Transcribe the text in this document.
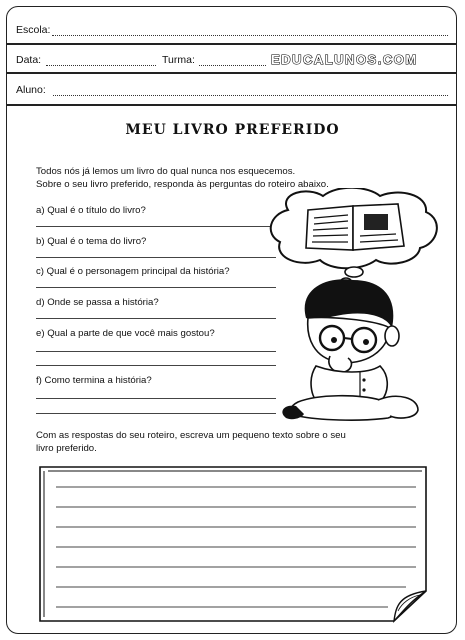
Escola:
Data:	Turma:	EDUCALUNOS.COM
Aluno:
MEU LIVRO PREFERIDO
Todos nós já lemos um livro do qual nunca nos esquecemos.
Sobre o seu livro preferido, responda às perguntas do roteiro abaixo.
a) Qual é o título do livro?
b) Qual é o tema do livro?
c) Qual é o personagem principal da história?
d) Onde se passa a história?
e) Qual a parte de que você mais gostou?
f) Como termina a história?
Com as respostas do seu roteiro, escreva um pequeno texto sobre o seu
livro preferido.
